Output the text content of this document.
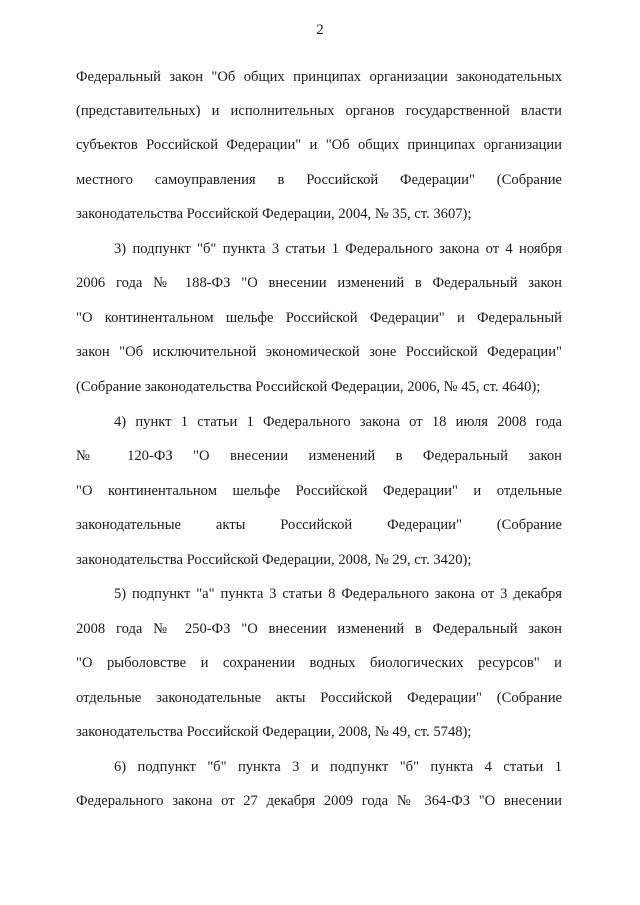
2
Федеральный закон "Об общих принципах организации законодательных
(представительных) и исполнительных органов государственной власти
субъектов Российской Федерации" и "Об общих принципах организации
местного самоуправления в Российской Федерации" (Собрание
законодательства Российской Федерации, 2004, № 35, ст. 3607);
3) подпункт "б" пункта 3 статьи 1 Федерального закона от 4 ноября
2006 года № 188-ФЗ "О внесении изменений в Федеральный закон
"О континентальном шельфе Российской Федерации" и Федеральный
закон "Об исключительной экономической зоне Российской Федерации"
(Собрание законодательства Российской Федерации, 2006, № 45, ст. 4640);
4) пункт 1 статьи 1 Федерального закона от 18 июля 2008 года
№ 120-ФЗ "О внесении изменений в Федеральный закон
"О континентальном шельфе Российской Федерации" и отдельные
законодательные акты Российской Федерации" (Собрание
законодательства Российской Федерации, 2008, № 29, ст. 3420);
5) подпункт "а" пункта 3 статьи 8 Федерального закона от 3 декабря
2008 года № 250-ФЗ "О внесении изменений в Федеральный закон
"О рыболовстве и сохранении водных биологических ресурсов" и
отдельные законодательные акты Российской Федерации" (Собрание
законодательства Российской Федерации, 2008, № 49, ст. 5748);
6) подпункт "б" пункта 3 и подпункт "б" пункта 4 статьи 1
Федерального закона от 27 декабря 2009 года № 364-ФЗ "О внесении
